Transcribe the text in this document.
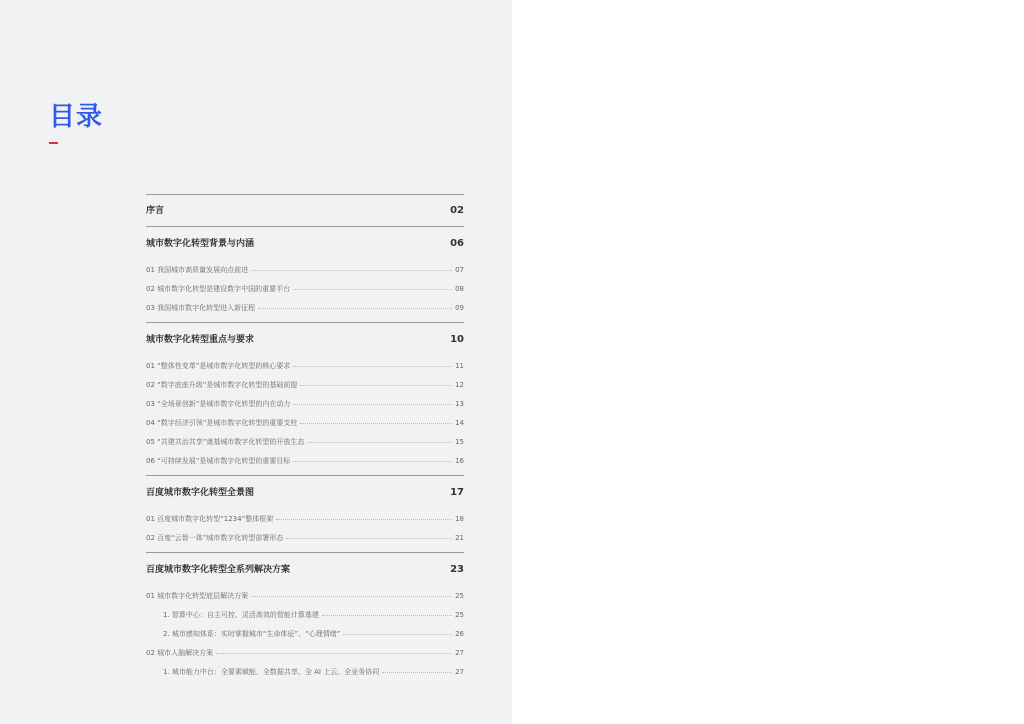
目录
序言	02
城市数字化转型背景与内涵	06
01 我国城市高质量发展向点前进	07
02 城市数字化转型是建设数字中国的重要平台	08
03 我国城市数字化转型进入新征程	09
城市数字化转型重点与要求	10
01 “整体性变革”是城市数字化转型的核心要求	11
02 “数字底座升级”是城市数字化转型的基础前提	12
03 “全场景创新”是城市数字化转型的内在动力	13
04 “数字经济引领”是城市数字化转型的重要支柱	14
05 “共建共治共享”奠基城市数字化转型的开放生态	15
06 “可持续发展”是城市数字化转型的重要目标	16
百度城市数字化转型全景图	17
01 百度城市数字化转型“1234”整体框架	18
02 百度“云智一体”城市数字化转型部署形态	21
百度城市数字化转型全系列解决方案	23
01 城市数字化转型底层解决方案	25
1. 智算中心：自主可控、灵活高效的智能计算基建	25
2. 城市感知体系：实时掌握城市“生命体征”、“心理情绪”	26
02 城市人脑解决方案	27
1. 城市能力中台：全要素赋能、全数据共享、全 AI 上云、全业务协同	27
